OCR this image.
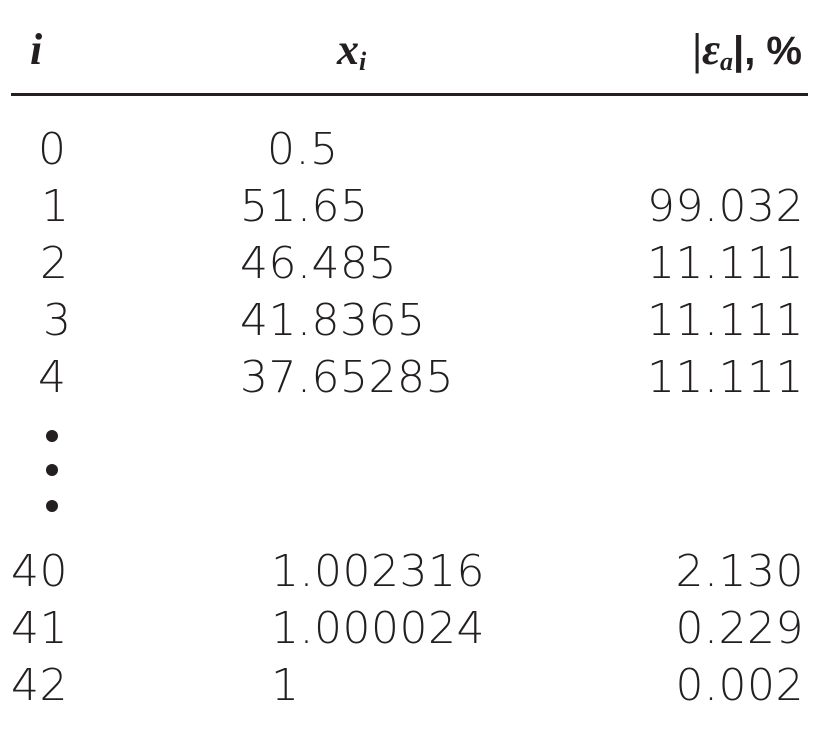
i	$x_i$	$|\varepsilon_a|$, %
0	0.5
1	51.65	99.032
2	46.485	11.111
3	41.8365	11.111
4	37.65285	11.111
40	1.002316	2.130
41	1.000024	0.229
42	1	0.002
